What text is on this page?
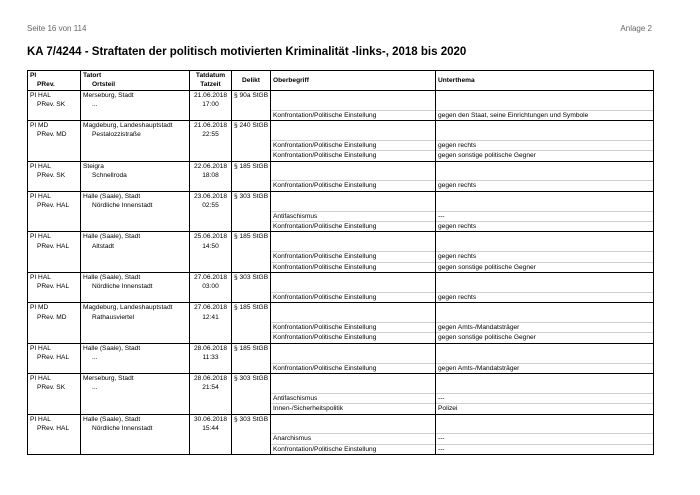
Seite 16 von 114	Anlage 2
KA 7/4244 - Straftaten der politisch motivierten Kriminalität -links-, 2018 bis 2020
PI	Tatort	Tatdatum	Delikt	Oberbegriff	Unterthema
PRev.	Ortsteil	Tatzeit			
PI HAL	Merseburg, Stadt	21.06.2018	§ 90a StGB		
PRev. SK	...	17:00			
				Konfrontation/Politische Einstellung	gegen den Staat, seine Einrichtungen und Symbole
PI MD	Magdeburg, Landeshauptstadt	21.06.2018	§ 240 StGB		
PRev. MD	Pestalozzistraße	22:55			
				Konfrontation/Politische Einstellung	gegen rechts
				Konfrontation/Politische Einstellung	gegen sonstige politische Gegner
PI HAL	Steigra	22.06.2018	§ 185 StGB		
PRev. SK	Schnellroda	18:08			
				Konfrontation/Politische Einstellung	gegen rechts
PI HAL	Halle (Saale), Stadt	23.06.2018	§ 303 StGB		
PRev. HAL	Nördliche Innenstadt	02:55			
				Antifaschismus	---
				Konfrontation/Politische Einstellung	gegen rechts
PI HAL	Halle (Saale), Stadt	25.06.2018	§ 185 StGB		
PRev. HAL	Altstadt	14:50			
				Konfrontation/Politische Einstellung	gegen rechts
				Konfrontation/Politische Einstellung	gegen sonstige politische Gegner
PI HAL	Halle (Saale), Stadt	27.06.2018	§ 303 StGB		
PRev. HAL	Nördliche Innenstadt	03:00			
				Konfrontation/Politische Einstellung	gegen rechts
PI MD	Magdeburg, Landeshauptstadt	27.06.2018	§ 185 StGB		
PRev. MD	Rathausviertel	12:41			
				Konfrontation/Politische Einstellung	gegen Amts-/Mandatsträger
				Konfrontation/Politische Einstellung	gegen sonstige politische Gegner
PI HAL	Halle (Saale), Stadt	28.06.2018	§ 185 StGB		
PRev. HAL	...	11:33			
				Konfrontation/Politische Einstellung	gegen Amts-/Mandatsträger
PI HAL	Merseburg, Stadt	28.06.2018	§ 303 StGB		
PRev. SK	...	21:54			
				Antifaschismus	---
				Innen-/Sicherheitspolitik	Polizei
PI HAL	Halle (Saale), Stadt	30.06.2018	§ 303 StGB		
PRev. HAL	Nördliche Innenstadt	15:44			
				Anarchismus	---
				Konfrontation/Politische Einstellung	---
